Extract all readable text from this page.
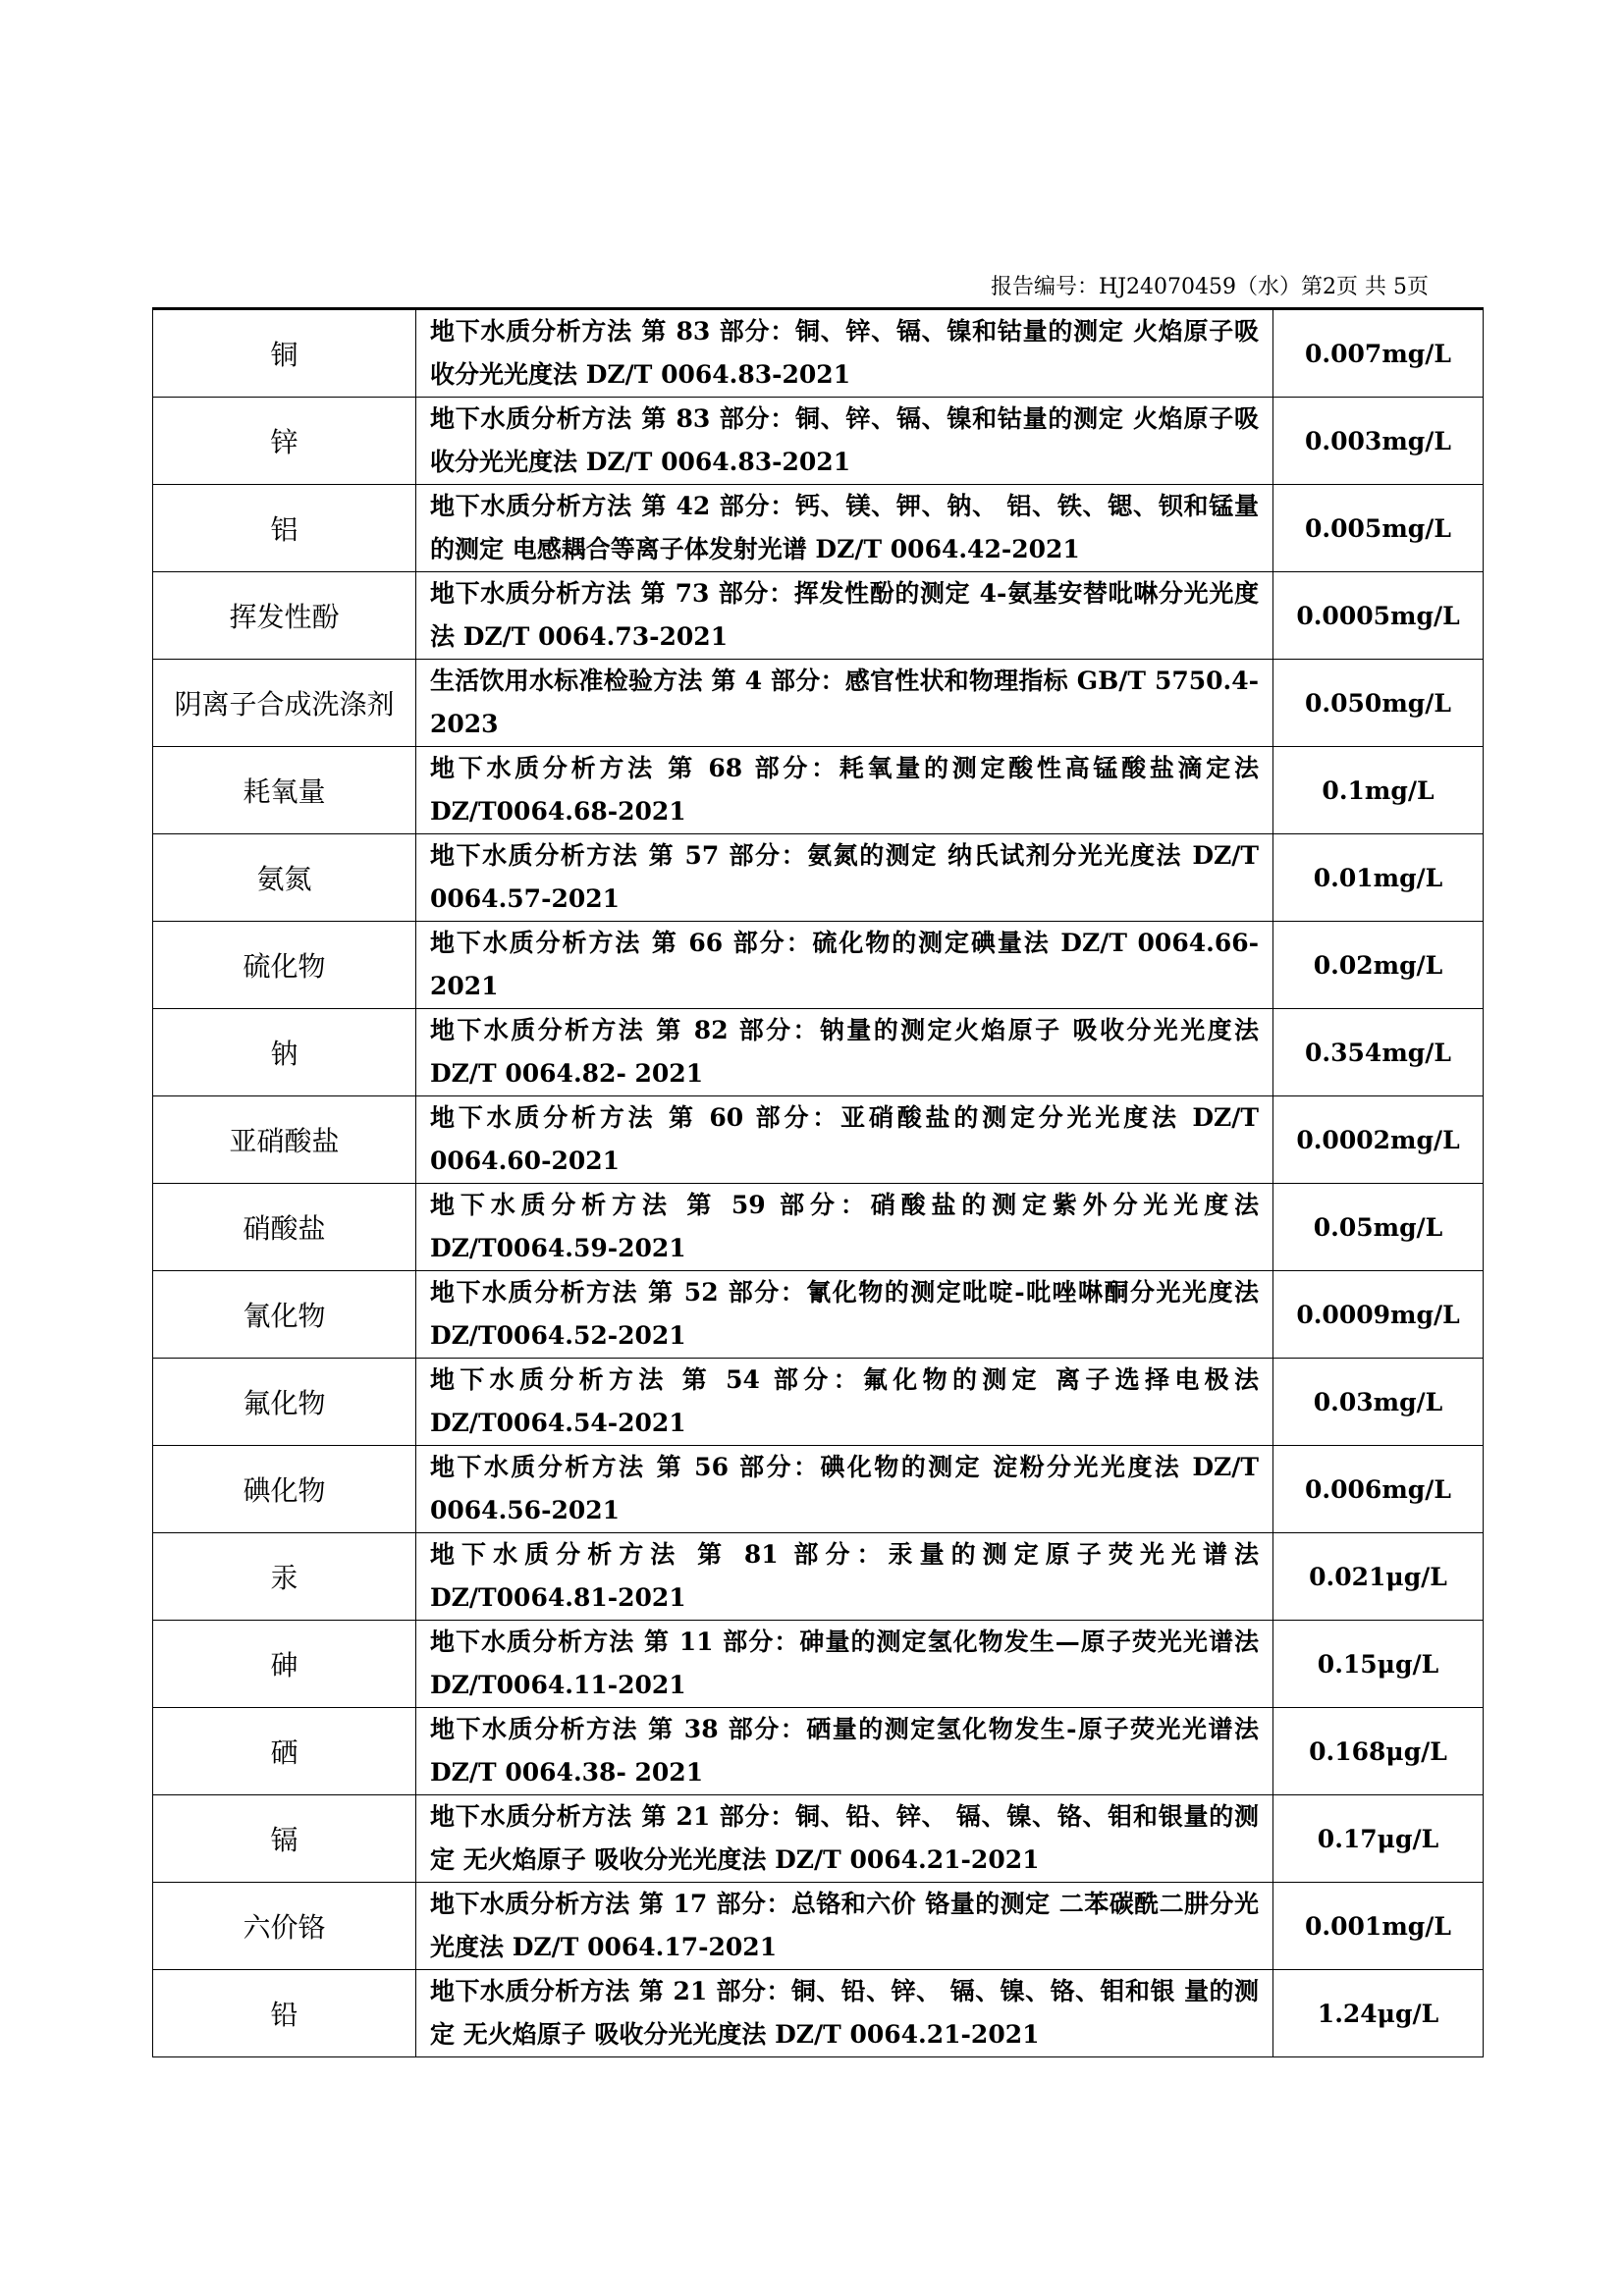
报告编号：HJ24070459（水）第2页 共 5页
铜	地下水质分析方法 第 83 部分：铜、锌、镉、镍和钴量的测定 火焰原子吸收分光光度法 DZ/T 0064.83-2021	0.007mg/L
锌	地下水质分析方法 第 83 部分：铜、锌、镉、镍和钴量的测定 火焰原子吸收分光光度法 DZ/T 0064.83-2021	0.003mg/L
铝	地下水质分析方法 第 42 部分：钙、镁、钾、钠、 铝、铁、锶、钡和锰量的测定 电感耦合等离子体发射光谱 DZ/T 0064.42-2021	0.005mg/L
挥发性酚	地下水质分析方法 第 73 部分：挥发性酚的测定 4-氨基安替吡啉分光光度法 DZ/T 0064.73-2021	0.0005mg/L
阴离子合成洗涤剂	生活饮用水标准检验方法 第 4 部分：感官性状和物理指标 GB/T 5750.4-2023	0.050mg/L
耗氧量	地下水质分析方法 第 68 部分：耗氧量的测定酸性高锰酸盐滴定法 DZ/T0064.68-2021	0.1mg/L
氨氮	地下水质分析方法 第 57 部分：氨氮的测定 纳氏试剂分光光度法 DZ/T 0064.57-2021	0.01mg/L
硫化物	地下水质分析方法 第 66 部分：硫化物的测定碘量法 DZ/T 0064.66-2021	0.02mg/L
钠	地下水质分析方法 第 82 部分：钠量的测定火焰原子 吸收分光光度法 DZ/T 0064.82- 2021	0.354mg/L
亚硝酸盐	地下水质分析方法 第 60 部分：亚硝酸盐的测定分光光度法 DZ/T 0064.60-2021	0.0002mg/L
硝酸盐	地下水质分析方法 第 59 部分：硝酸盐的测定紫外分光光度法 DZ/T0064.59-2021	0.05mg/L
氰化物	地下水质分析方法 第 52 部分：氰化物的测定吡啶-吡唑啉酮分光光度法 DZ/T0064.52-2021	0.0009mg/L
氟化物	地下水质分析方法 第 54 部分：氟化物的测定 离子选择电极法 DZ/T0064.54-2021	0.03mg/L
碘化物	地下水质分析方法 第 56 部分：碘化物的测定 淀粉分光光度法 DZ/T 0064.56-2021	0.006mg/L
汞	地下水质分析方法 第 81 部分：汞量的测定原子荧光光谱法 DZ/T0064.81-2021	0.021μg/L
砷	地下水质分析方法 第 11 部分：砷量的测定氢化物发生—原子荧光光谱法 DZ/T0064.11-2021	0.15μg/L
硒	地下水质分析方法 第 38 部分：硒量的测定氢化物发生-原子荧光光谱法 DZ/T 0064.38- 2021	0.168μg/L
镉	地下水质分析方法 第 21 部分：铜、铅、锌、 镉、镍、铬、钼和银量的测定 无火焰原子 吸收分光光度法 DZ/T 0064.21-2021	0.17μg/L
六价铬	地下水质分析方法 第 17 部分：总铬和六价 铬量的测定 二苯碳酰二肼分光光度法 DZ/T 0064.17-2021	0.001mg/L
铅	地下水质分析方法 第 21 部分：铜、铅、锌、 镉、镍、铬、钼和银 量的测定 无火焰原子 吸收分光光度法 DZ/T 0064.21-2021	1.24μg/L
